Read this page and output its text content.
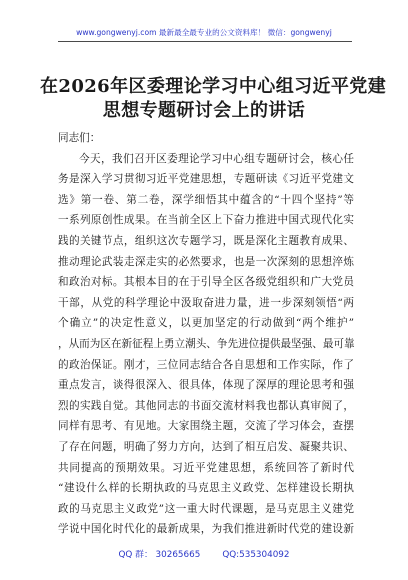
www.gongwenyj.com 最新最全最专业的公文资料库！ 微信：gongwenyj
在2026年区委理论学习中心组习近平党建
思想专题研讨会上的讲话
同志们：
今天，我们召开区委理论学习中心组专题研讨会，核心任
务是深入学习贯彻习近平党建思想，专题研读《习近平党建文
选》第一卷、第二卷，深学细悟其中蕴含的“十四个坚持”等
一系列原创性成果。在当前全区上下奋力推进中国式现代化实
践的关键节点，组织这次专题学习，既是深化主题教育成果、
推动理论武装走深走实的必然要求，也是一次深刻的思想淬炼
和政治对标。其根本目的在于引导全区各级党组织和广大党员
干部，从党的科学理论中汲取奋进力量，进一步深刻领悟“两
个确立”的决定性意义，以更加坚定的行动做到“两个维护”
，从而为区在新征程上勇立潮头、争先进位提供最坚强、最可靠
的政治保证。刚才，三位同志结合各自思想和工作实际，作了
重点发言，谈得很深入、很具体，体现了深厚的理论思考和强
烈的实践自觉。其他同志的书面交流材料我也都认真审阅了，
同样有思考、有见地。大家围绕主题，交流了学习体会，查摆
了存在问题，明确了努力方向，达到了相互启发、凝聚共识、
共同提高的预期效果。习近平党建思想，系统回答了新时代
“建设什么样的长期执政的马克思主义政党、怎样建设长期执
政的马克思主义政党”这一重大时代课题，是马克思主义建党
学说中国化时代化的最新成果，为我们推进新时代党的建设新
QQ 群： 30265665	QQ:535304092
